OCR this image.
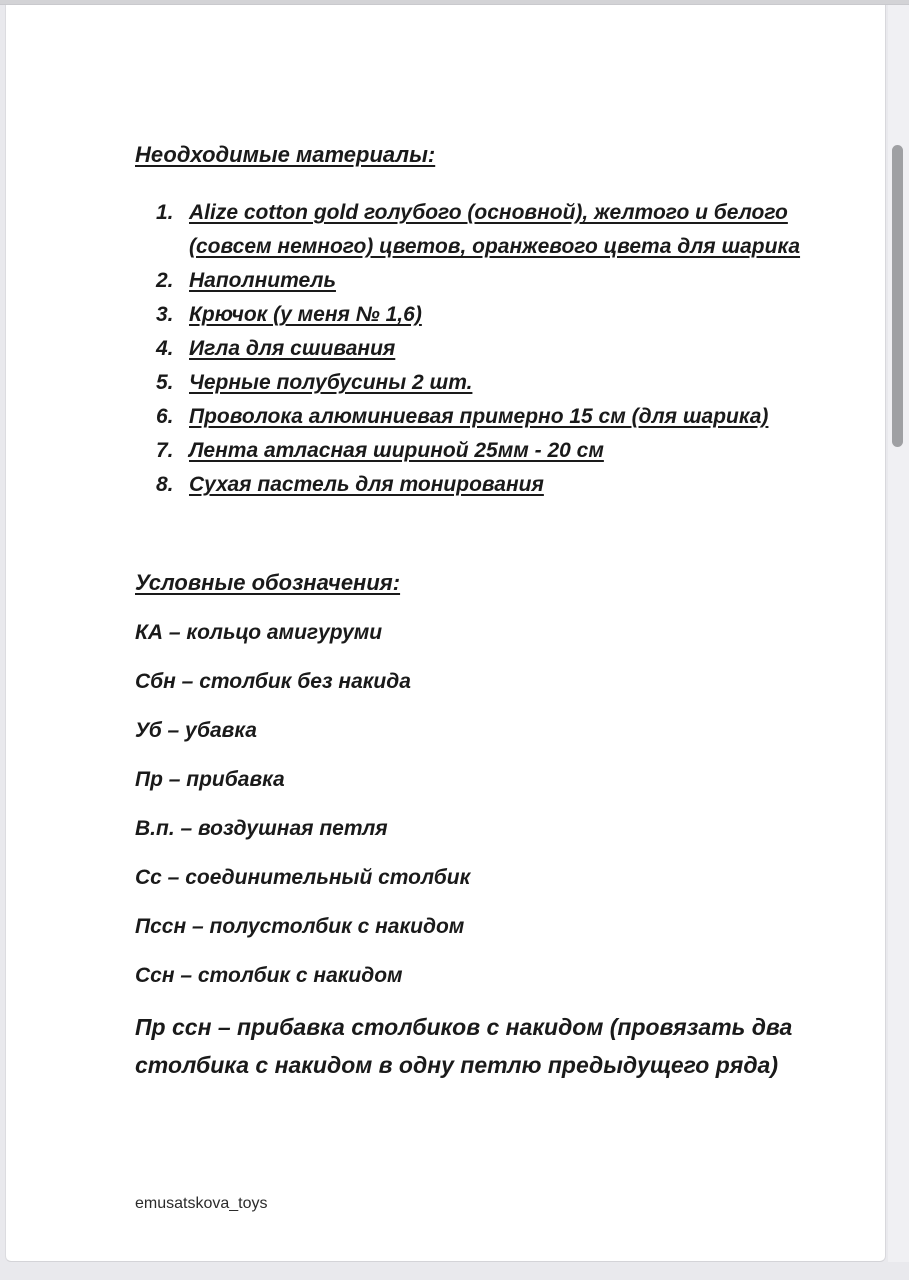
Неодходимые материалы:
1. Alize cotton gold голубого (основной), желтого и белого
(совсем немного) цветов, оранжевого цвета для шарика
2. Наполнитель
3. Крючок (у меня № 1,6)
4. Игла для сшивания
5. Черные полубусины 2 шт.
6. Проволока алюминиевая примерно 15 см (для шарика)
7. Лента атласная шириной 25мм - 20 см
8. Сухая пастель для тонирования
Условные обозначения:
КА – кольцо амигуруми
Сбн – столбик без накида
Уб – убавка
Пр – прибавка
В.п. – воздушная петля
Сс – соединительный столбик
Пссн – полустолбик с накидом
Ссн – столбик с накидом
Пр ссн – прибавка столбиков с накидом (провязать два
столбика с накидом в одну петлю предыдущего ряда)
emusatskova_toys
